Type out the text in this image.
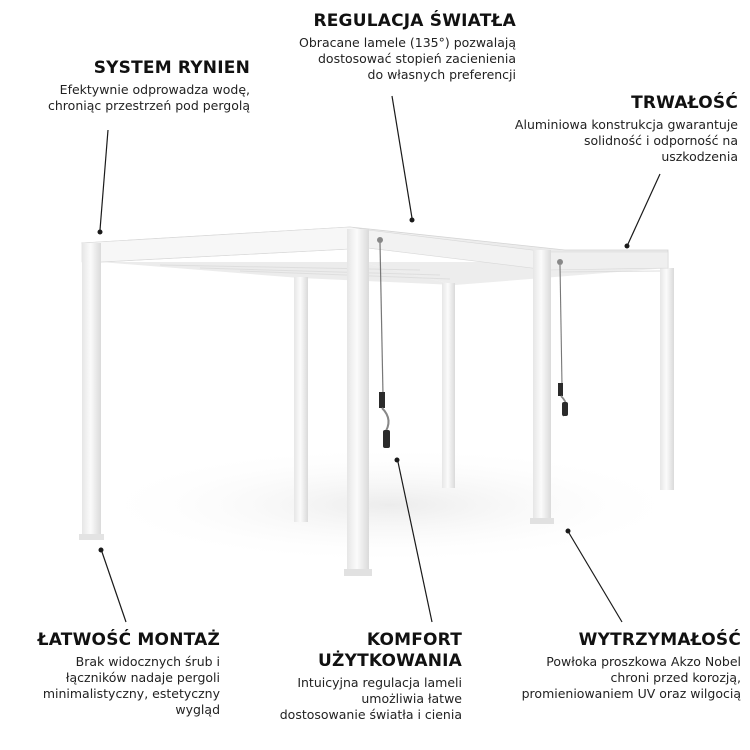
REGULACJA ŚWIATŁA

Obracane lamele (135°) pozwalają
dostosować stopień zacienienia
do własnych preferencji

SYSTEM RYNIEN

Efektywnie odprowadza wodę,
chroniąc przestrzeń pod pergolą	TRWAŁOŚĆ

Aluminiowa konstrukcja gwarantuje
solidność i odporność na
uszkodzenia

ŁATWOŚĆ MONTAŻ

Brak widocznych śrub i
łączników nadaje pergoli
minimalistyczny, estetyczny
wygląd

KOMFORT
UŻYTKOWANIA

Intuicyjna regulacja lameli
umożliwia łatwe
dostosowanie światła i cienia

WYTRZYMAŁOŚĆ

Powłoka proszkowa Akzo Nobel
chroni przed korozją,
promieniowaniem UV oraz wilgocią
